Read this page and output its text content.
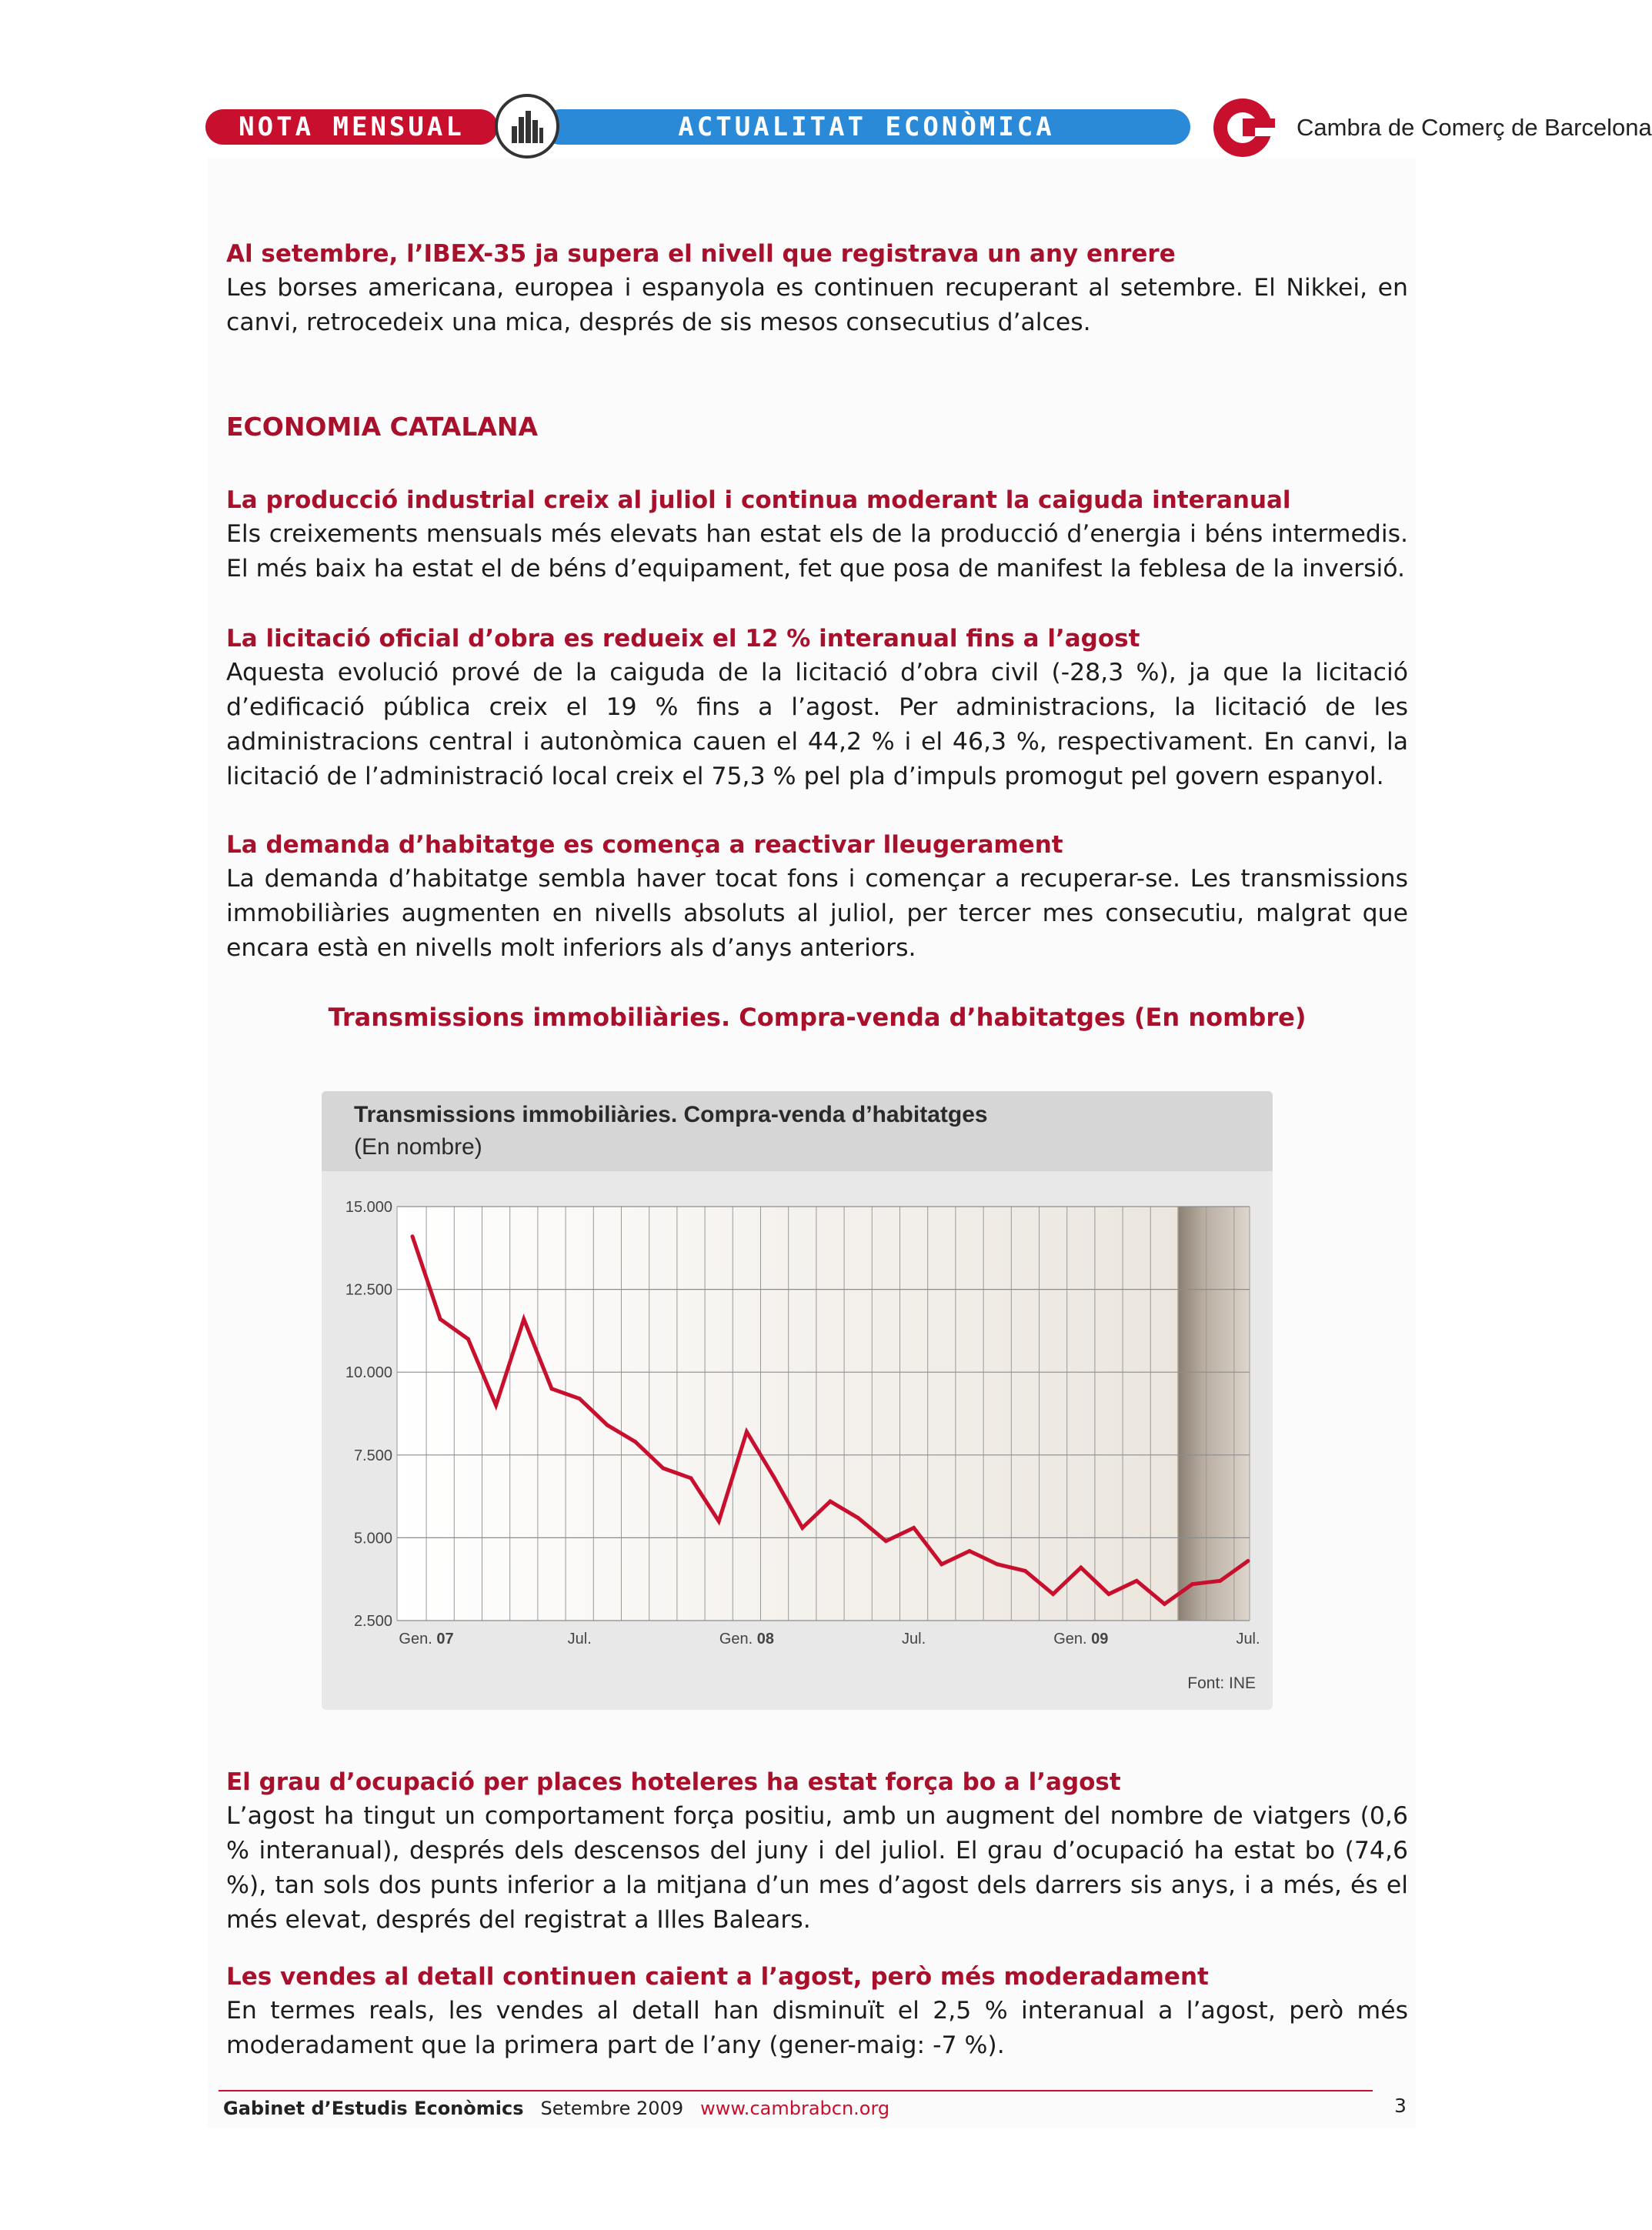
NOTA MENSUAL	ACTUALITAT ECONÒMICA	Cambra de Comerç de Barcelona

Al setembre, l’IBEX-35 ja supera el nivell que registrava un any enrere

Les borses americana, europea i espanyola es continuen recuperant al setembre. El Nikkei, en canvi, retrocedeix una mica, després de sis mesos consecutius d’alces.

ECONOMIA CATALANA

La producció industrial creix al juliol i continua moderant la caiguda interanual

Els creixements mensuals més elevats han estat els de la producció d’energia i béns intermedis. El més baix ha estat el de béns d’equipament, fet que posa de manifest la feblesa de la inversió.

La licitació oficial d’obra es redueix el 12 % interanual fins a l’agost

Aquesta evolució prové de la caiguda de la licitació d’obra civil (-28,3 %), ja que la licitació d’edificació pública creix el 19 % fins a l’agost. Per administracions, la licitació de les administracions central i autonòmica cauen el 44,2 % i el 46,3 %, respectivament. En canvi, la licitació de l’administració local creix el 75,3 % pel pla d’impuls promogut pel govern espanyol.

La demanda d’habitatge es comença a reactivar lleugerament

La demanda d’habitatge sembla haver tocat fons i començar a recuperar-se. Les transmissions immobiliàries augmenten en nivells absoluts al juliol, per tercer mes consecutiu, malgrat que encara està en nivells molt inferiors als d’anys anteriors.

Transmissions immobiliàries. Compra-venda d’habitatges (En nombre)
Transmissions immobiliàries. Compra-venda d’habitatges
(En nombre)
15.000
12.500
10.000
7.500
5.000
2.500
Gen. 07	Jul.	Gen. 08	Jul.	Gen. 09	Jul.
Font: INE

El grau d’ocupació per places hoteleres ha estat força bo a l’agost

L’agost ha tingut un comportament força positiu, amb un augment del nombre de viatgers (0,6 % interanual), després dels descensos del juny i del juliol. El grau d’ocupació ha estat bo (74,6 %), tan sols dos punts inferior a la mitjana d’un mes d’agost dels darrers sis anys, i a més, és el més elevat, després del registrat a Illes Balears.

Les vendes al detall continuen caient a l’agost, però més moderadament

En termes reals, les vendes al detall han disminuït el 2,5 % interanual a l’agost, però més moderadament que la primera part de l’any (gener-maig: -7 %).

Gabinet d’Estudis Econòmics Setembre 2009 www.cambrabcn.org	3
